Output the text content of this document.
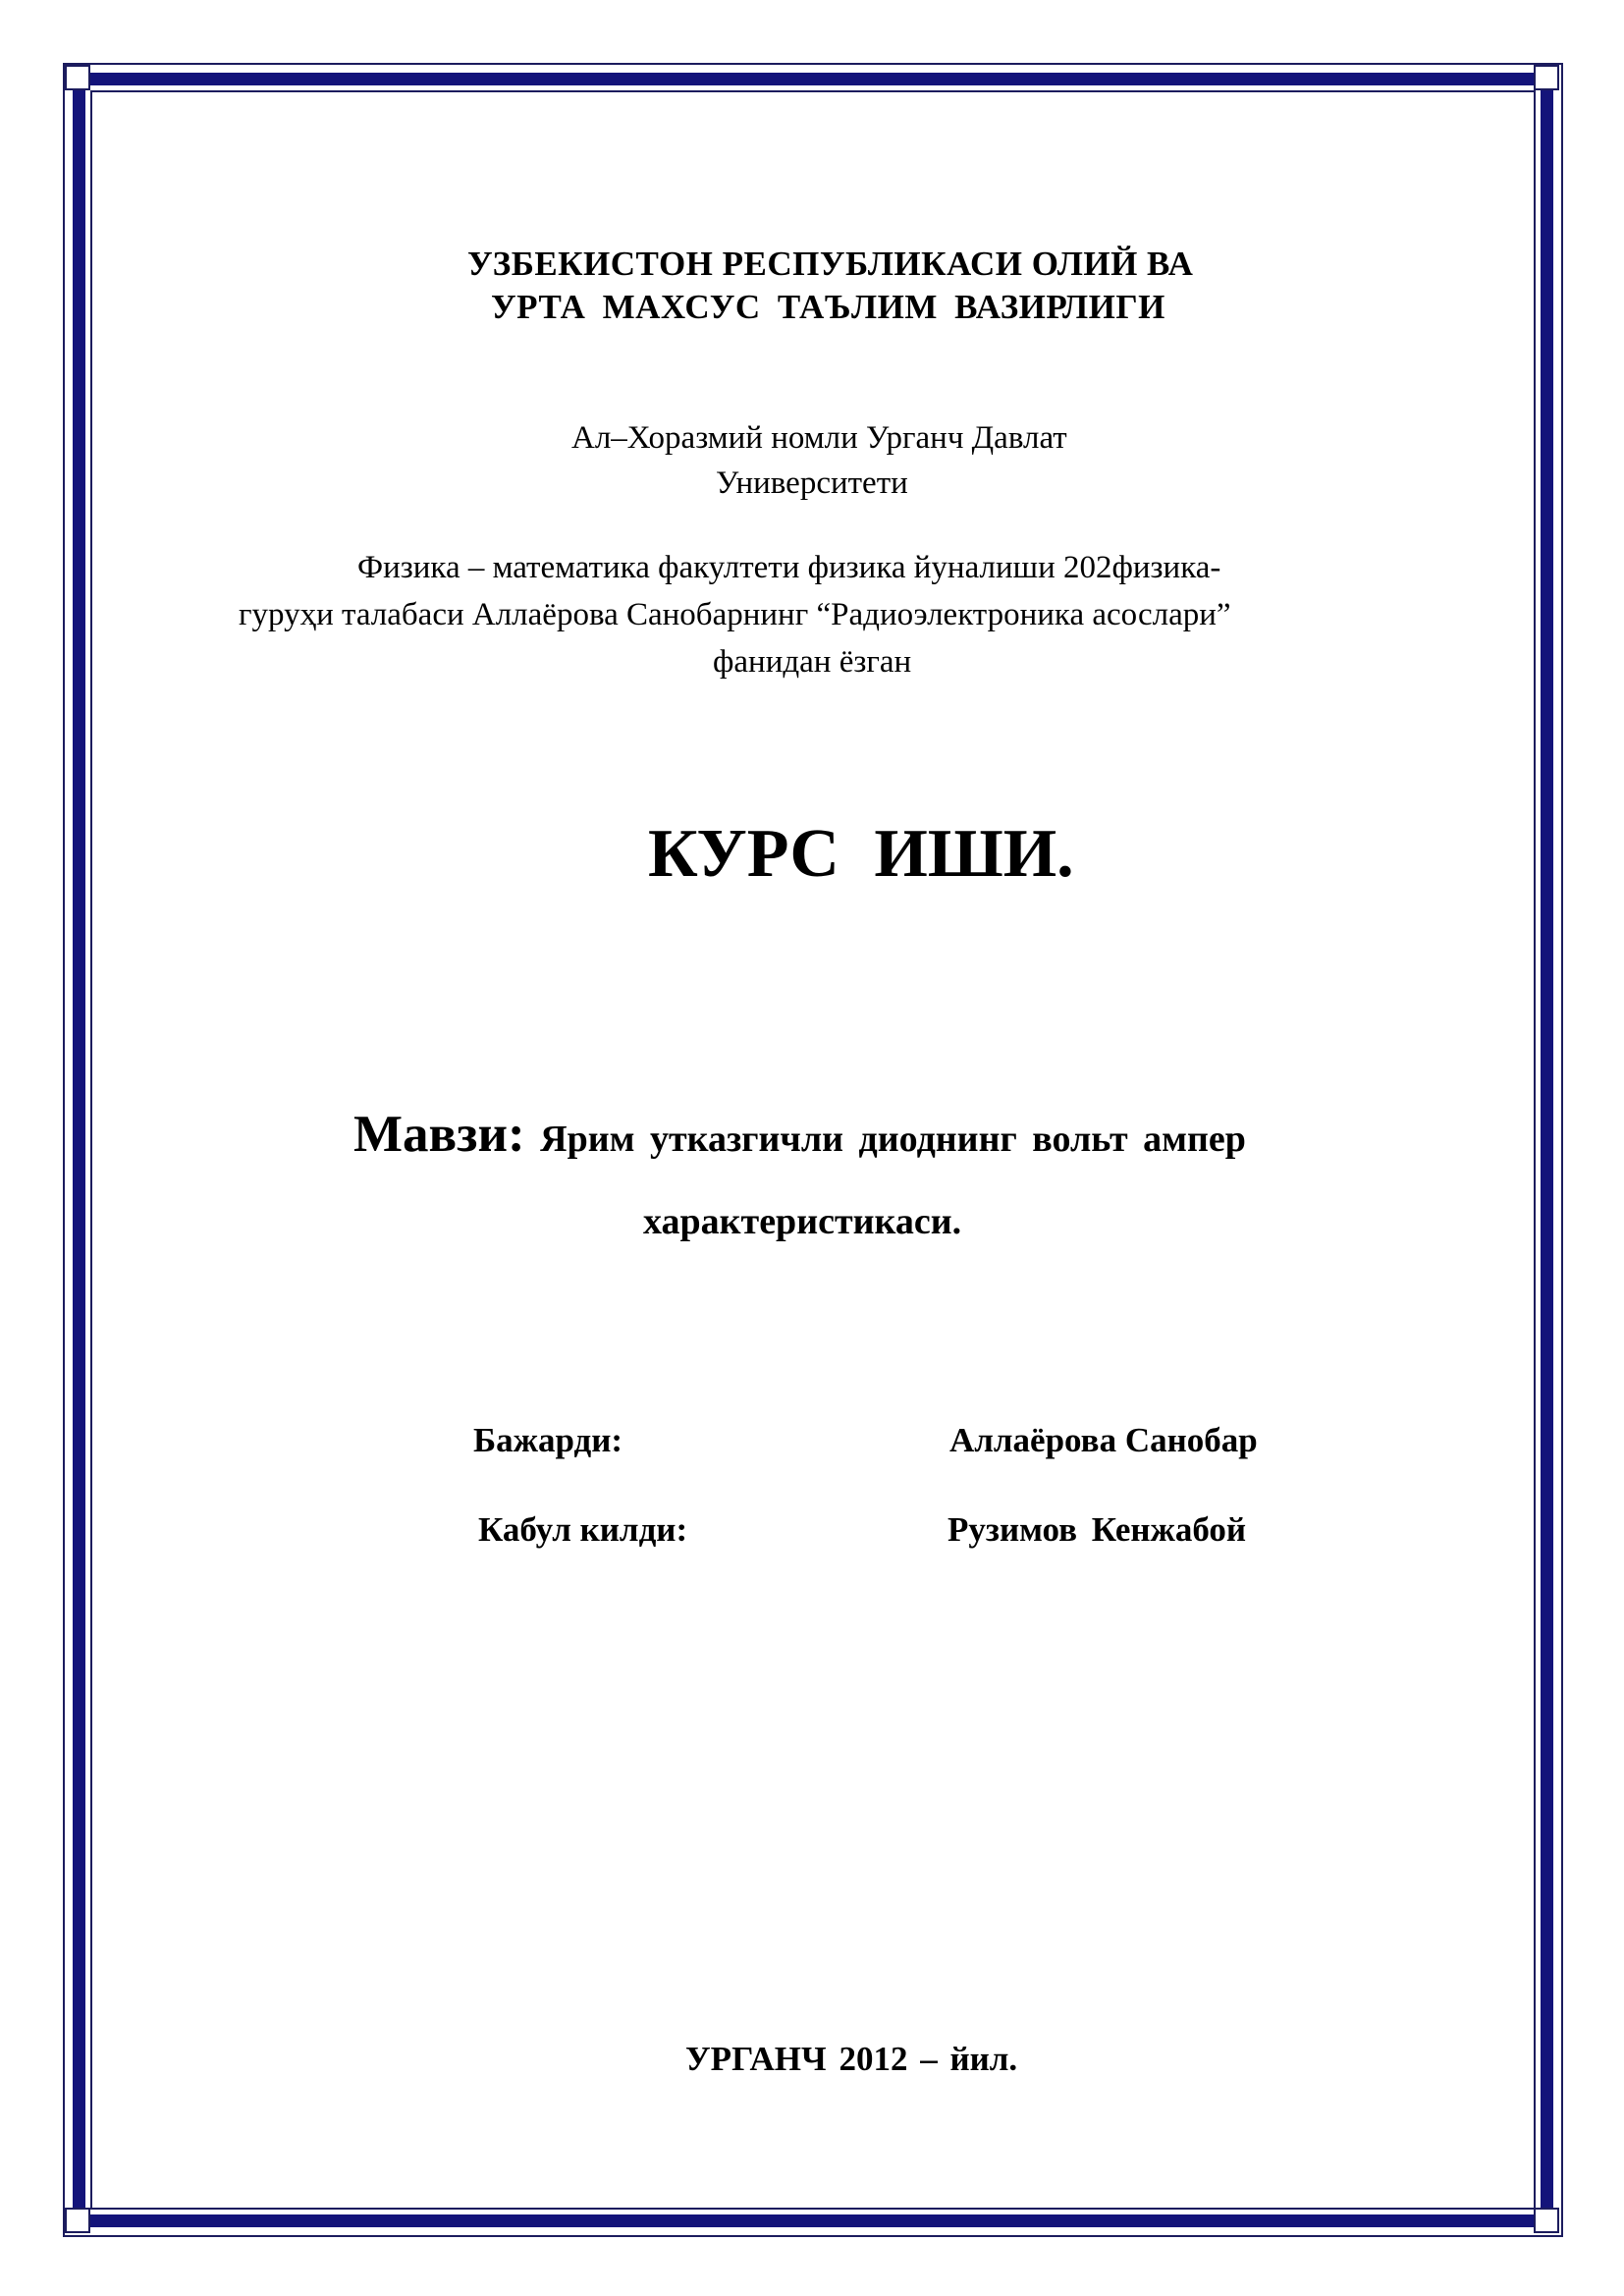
УЗБЕКИСТОН РЕСПУБЛИКАСИ ОЛИЙ ВА

УРТА МАХСУС ТАЪЛИМ ВАЗИРЛИГИ

Ал–Хоразмий номли Урганч Давлат

Университети

Физика – математика факултети физика йуналиши 202физика-

гуруҳи талабаси Аллаёрова Санобарнинг “Радиоэлектроника асослари”

фанидан ёзган

КУРС ИШИ.

Мавзи: Ярим утказгичли диоднинг вольт ампер

характеристикаси.

Бажарди:	Аллаёрова Санобар

Кабул килди:	Рузимов Кенжабой

УРГАНЧ 2012 – йил.
